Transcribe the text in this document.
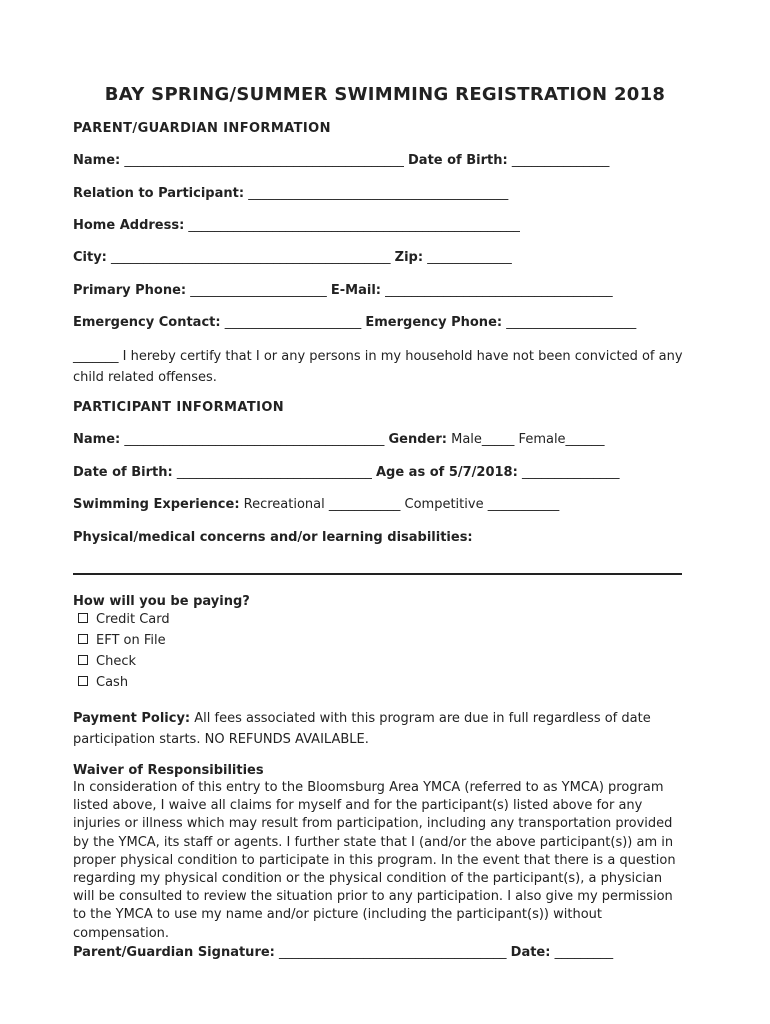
BAY SPRING/SUMMER SWIMMING REGISTRATION 2018
PARENT/GUARDIAN INFORMATION
Name: ___________________________________________ Date of Birth: _______________
Relation to Participant: ________________________________________
Home Address: ___________________________________________________
City: ___________________________________________ Zip: _____________
Primary Phone: _____________________ E-Mail: ___________________________________
Emergency Contact: _____________________ Emergency Phone: ____________________
_______ I hereby certify that I or any persons in my household have not been convicted of any child related offenses.
PARTICIPANT INFORMATION
Name: ________________________________________ Gender: Male_____ Female______
Date of Birth: ______________________________ Age as of 5/7/2018: _______________
Swimming Experience: Recreational ___________ Competitive ___________
Physical/medical concerns and/or learning disabilities:
How will you be paying?
Credit Card
EFT on File
Check
Cash
Payment Policy: All fees associated with this program are due in full regardless of date participation starts. NO REFUNDS AVAILABLE.
Waiver of Responsibilities
In consideration of this entry to the Bloomsburg Area YMCA (referred to as YMCA) program listed above, I waive all claims for myself and for the participant(s) listed above for any injuries or illness which may result from participation, including any transportation provided by the YMCA, its staff or agents. I further state that I (and/or the above participant(s)) am in proper physical condition to participate in this program. In the event that there is a question regarding my physical condition or the physical condition of the participant(s), a physician will be consulted to review the situation prior to any participation. I also give my permission to the YMCA to use my name and/or picture (including the participant(s)) without compensation.
Parent/Guardian Signature: ___________________________________ Date: _________
